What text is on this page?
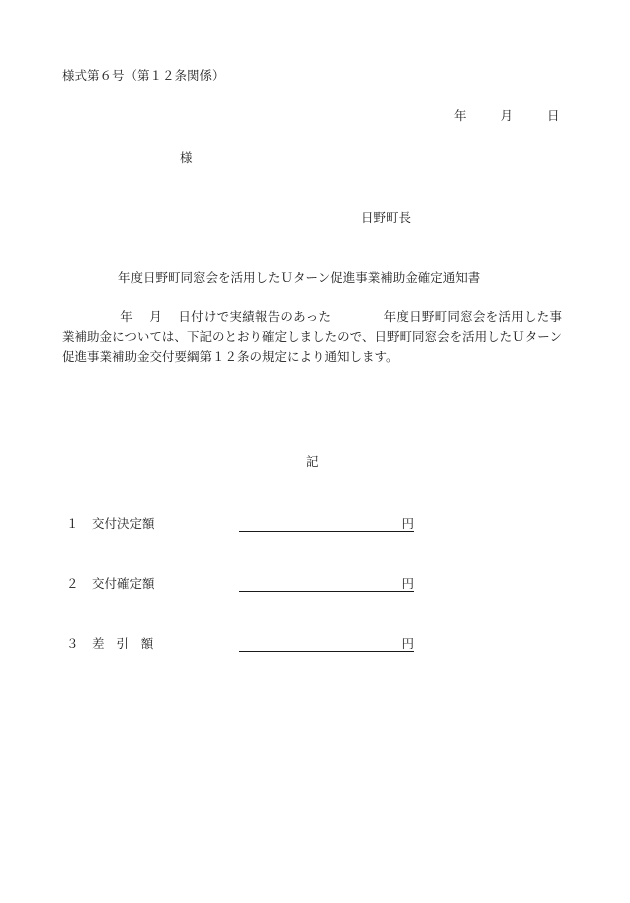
様式第６号（第１２条関係）
年	月	日
様
日野町長
年度日野町同窓会を活用したＵターン促進事業補助金確定通知書
年 月 日付けで実績報告のあった	年度日野町同窓会を活用した事業補助金については、下記のとおり確定しましたので、日野町同窓会を活用したＵターン促進事業補助金交付要綱第１２条の規定により通知します。
記
１ 交付決定額	円
２ 交付確定額	円
３ 差引額	円
